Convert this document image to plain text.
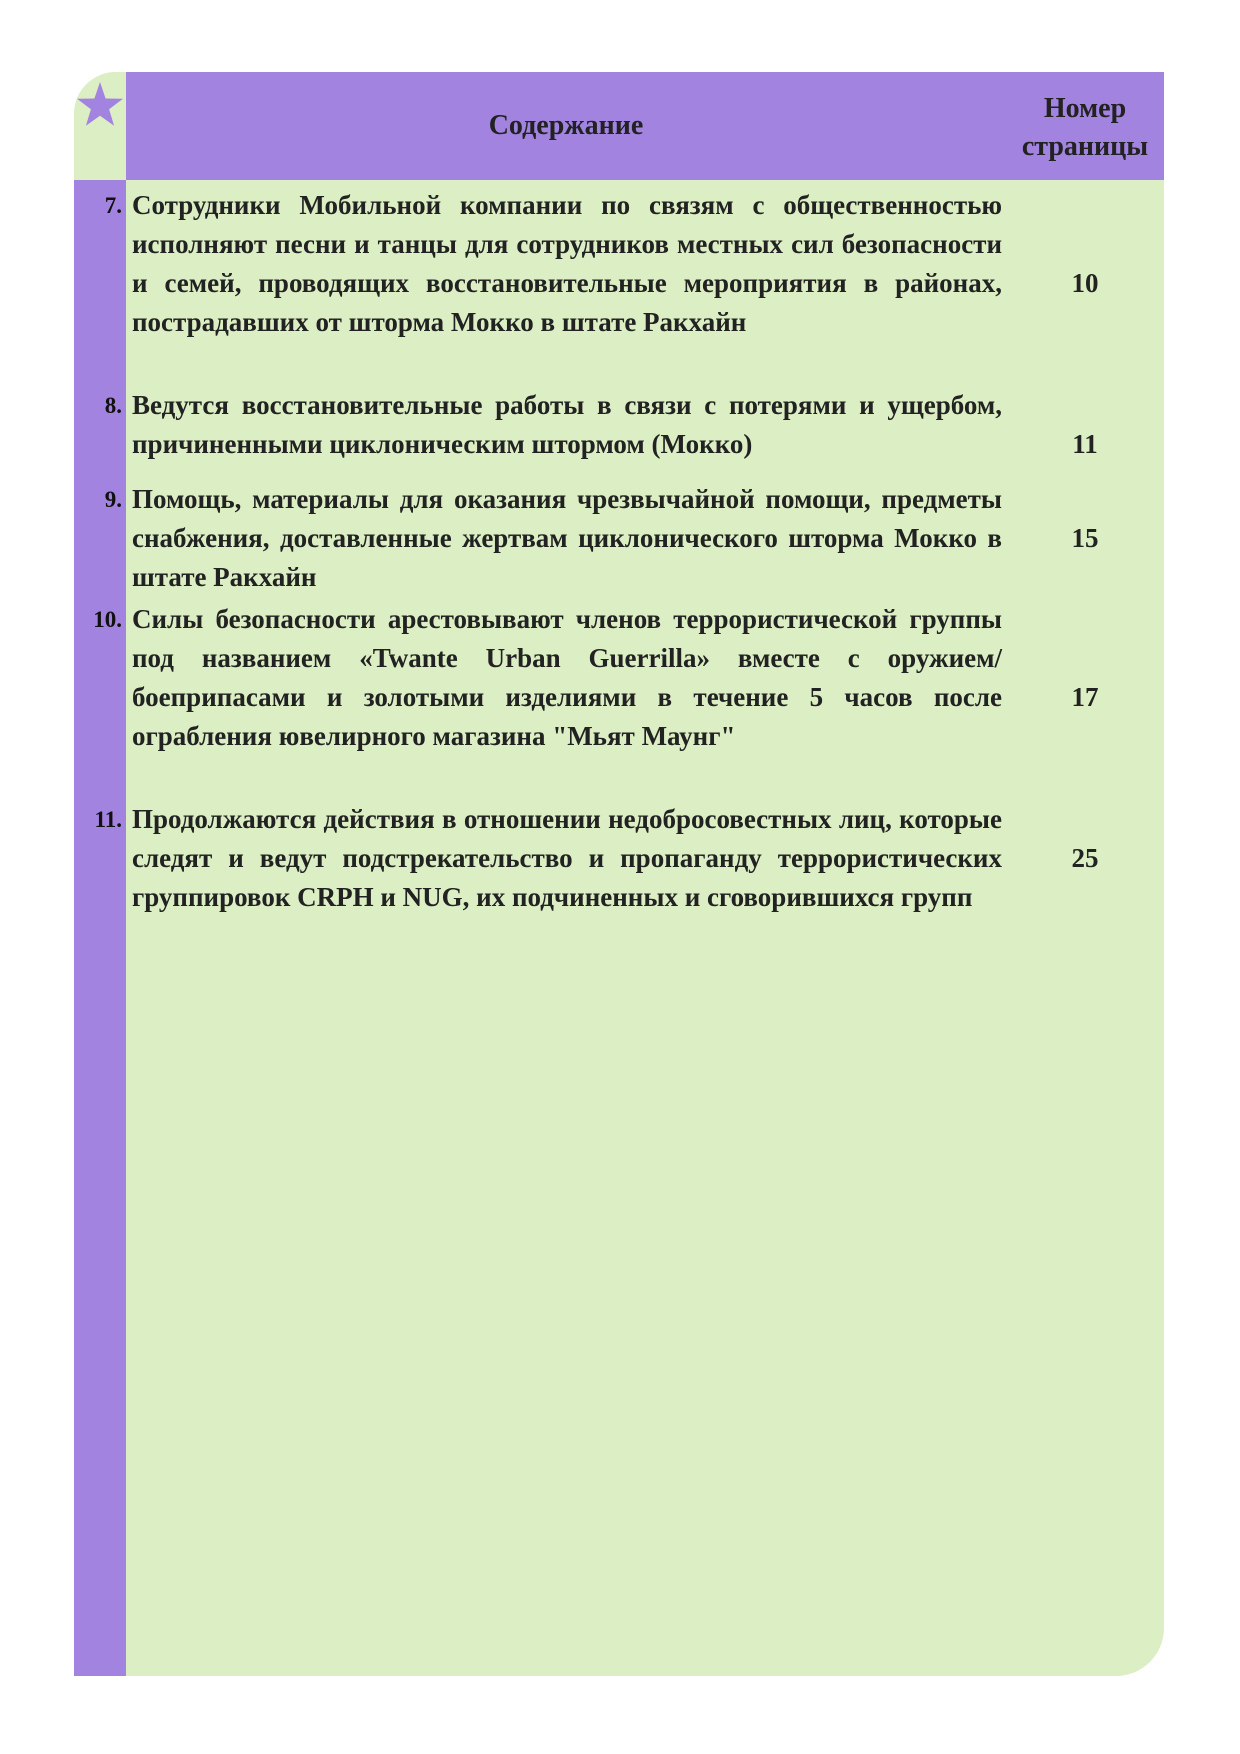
Содержание
Номер
страницы
7. Сотрудники Мобильной компании по связям с общественностью исполняют песни и танцы для сотрудников местных сил безопасности и семей, проводящих восстановительные мероприятия в районах, пострадавших от шторма Мокко в штате Ракхайн
10
8. Ведутся восстановительные работы в связи с потерями и ущербом, причиненными циклоническим штормом (Мокко)	11
9. Помощь, материалы для оказания чрезвычайной помощи, предметы снабжения, доставленные жертвам циклонического шторма Мокко в штате Ракхайн
15
10. Силы безопасности арестовывают членов террористической группы под названием «Twante Urban Guerrilla» вместе с оружием/боеприпасами и золотыми изделиями в течение 5 часов после ограбления ювелирного магазина "Мьят Маунг"
17
11. Продолжаются действия в отношении недобросовестных лиц, которые следят и ведут подстрекательство и пропаганду террористических группировок CRPH и NUG, их подчиненных и сговорившихся групп
25
